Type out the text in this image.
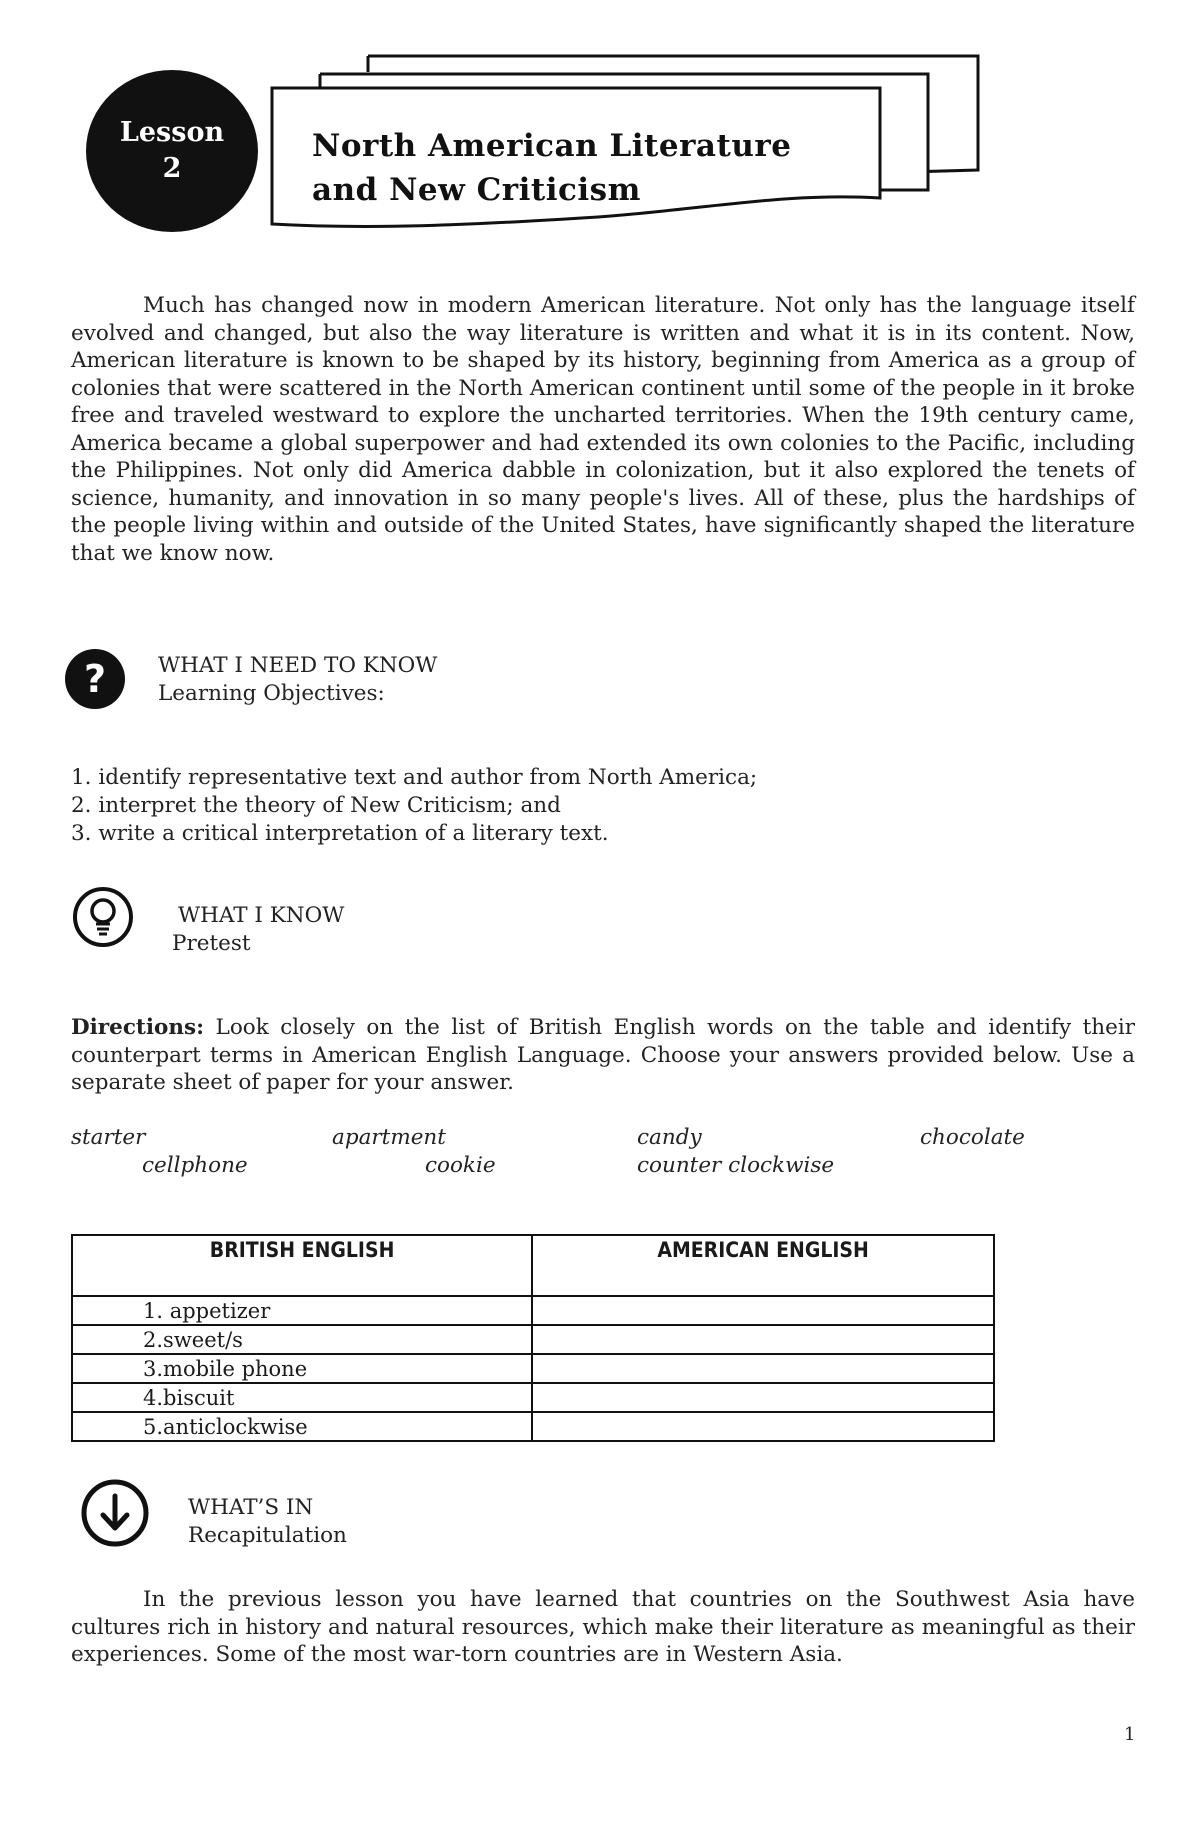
Lesson
2
North American Literature
and New Criticism
Much has changed now in modern American literature. Not only has the language itself evolved and changed, but also the way literature is written and what it is in its content. Now, American literature is known to be shaped by its history, beginning from America as a group of colonies that were scattered in the North American continent until some of the people in it broke free and traveled westward to explore the uncharted territories. When the 19th century came, America became a global superpower and had extended its own colonies to the Pacific, including the Philippines. Not only did America dabble in colonization, but it also explored the tenets of science, humanity, and innovation in so many people's lives. All of these, plus the hardships of the people living within and outside of the United States, have significantly shaped the literature that we know now.
? WHAT I NEED TO KNOW
Learning Objectives:
1. identify representative text and author from North America;
2. interpret the theory of New Criticism; and
3. write a critical interpretation of a literary text.
WHAT I KNOW
Pretest
Directions: Look closely on the list of British English words on the table and identify their counterpart terms in American English Language. Choose your answers provided below. Use a separate sheet of paper for your answer.
starter	apartment	candy	chocolate
cellphone	cookie	counter clockwise
BRITISH ENGLISH	AMERICAN ENGLISH
1. appetizer	
2.sweet/s	
3.mobile phone	
4.biscuit	
5.anticlockwise	
WHAT’S IN
Recapitulation
In the previous lesson you have learned that countries on the Southwest Asia have cultures rich in history and natural resources, which make their literature as meaningful as their experiences. Some of the most war-torn countries are in Western Asia.
1
